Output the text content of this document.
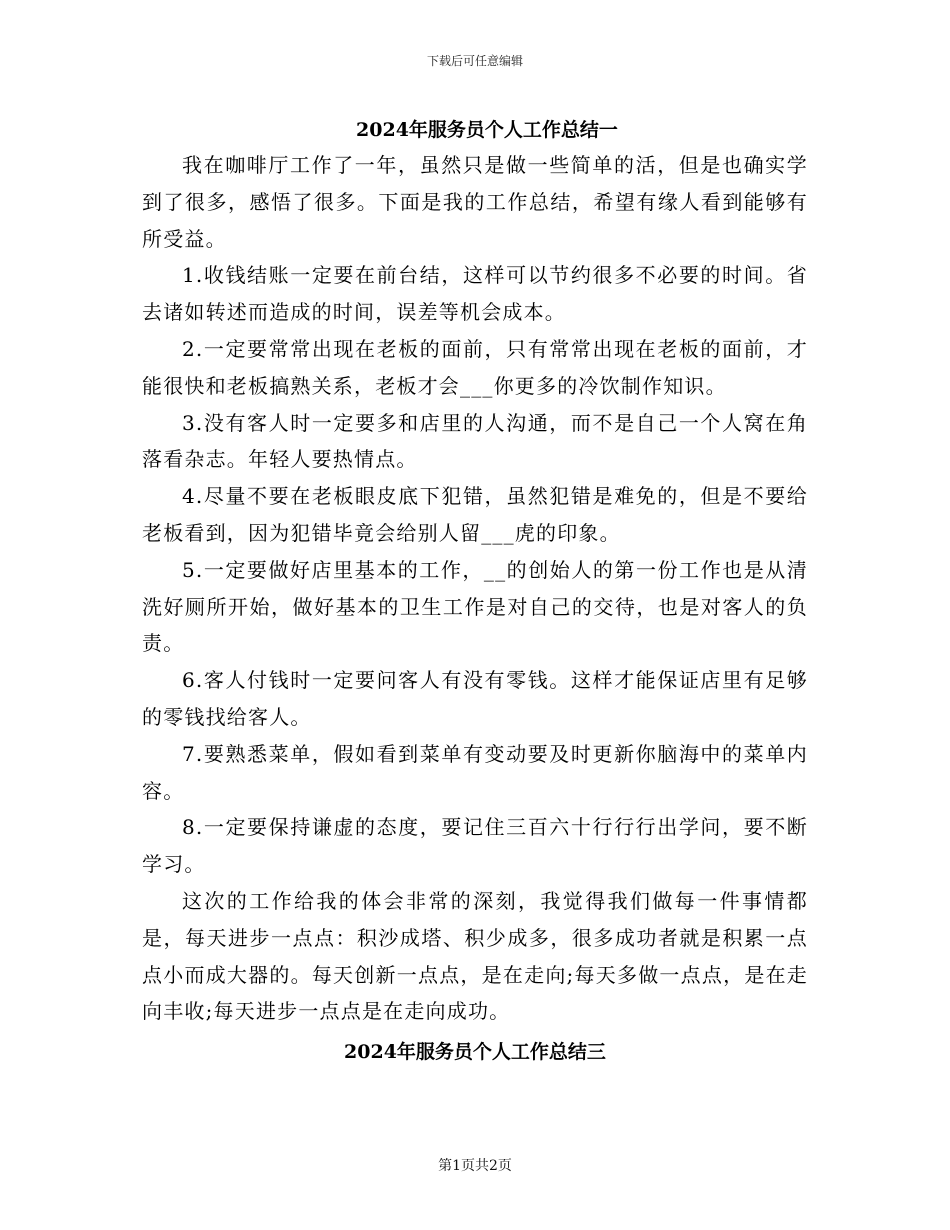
下载后可任意编辑
2024年服务员个人工作总结一

我在咖啡厅工作了一年，虽然只是做一些简单的活，但是也确实学到了很多，感悟了很多。下面是我的工作总结，希望有缘人看到能够有所受益。

1.收钱结账一定要在前台结，这样可以节约很多不必要的时间。省去诸如转述而造成的时间，误差等机会成本。

2.一定要常常出现在老板的面前，只有常常出现在老板的面前，才能很快和老板搞熟关系，老板才会___你更多的冷饮制作知识。

3.没有客人时一定要多和店里的人沟通，而不是自己一个人窝在角落看杂志。年轻人要热情点。

4.尽量不要在老板眼皮底下犯错，虽然犯错是难免的，但是不要给老板看到，因为犯错毕竟会给别人留___虎的印象。

5.一定要做好店里基本的工作，__的创始人的第一份工作也是从清洗好厕所开始，做好基本的卫生工作是对自己的交待，也是对客人的负责。

6.客人付钱时一定要问客人有没有零钱。这样才能保证店里有足够的零钱找给客人。

7.要熟悉菜单，假如看到菜单有变动要及时更新你脑海中的菜单内容。

8.一定要保持谦虚的态度，要记住三百六十行行行出学问，要不断学习。

这次的工作给我的体会非常的深刻，我觉得我们做每一件事情都是，每天进步一点点：积沙成塔、积少成多，很多成功者就是积累一点点小而成大器的。每天创新一点点，是在走向;每天多做一点点，是在走向丰收;每天进步一点点是在走向成功。

2024年服务员个人工作总结三
第1页共2页
